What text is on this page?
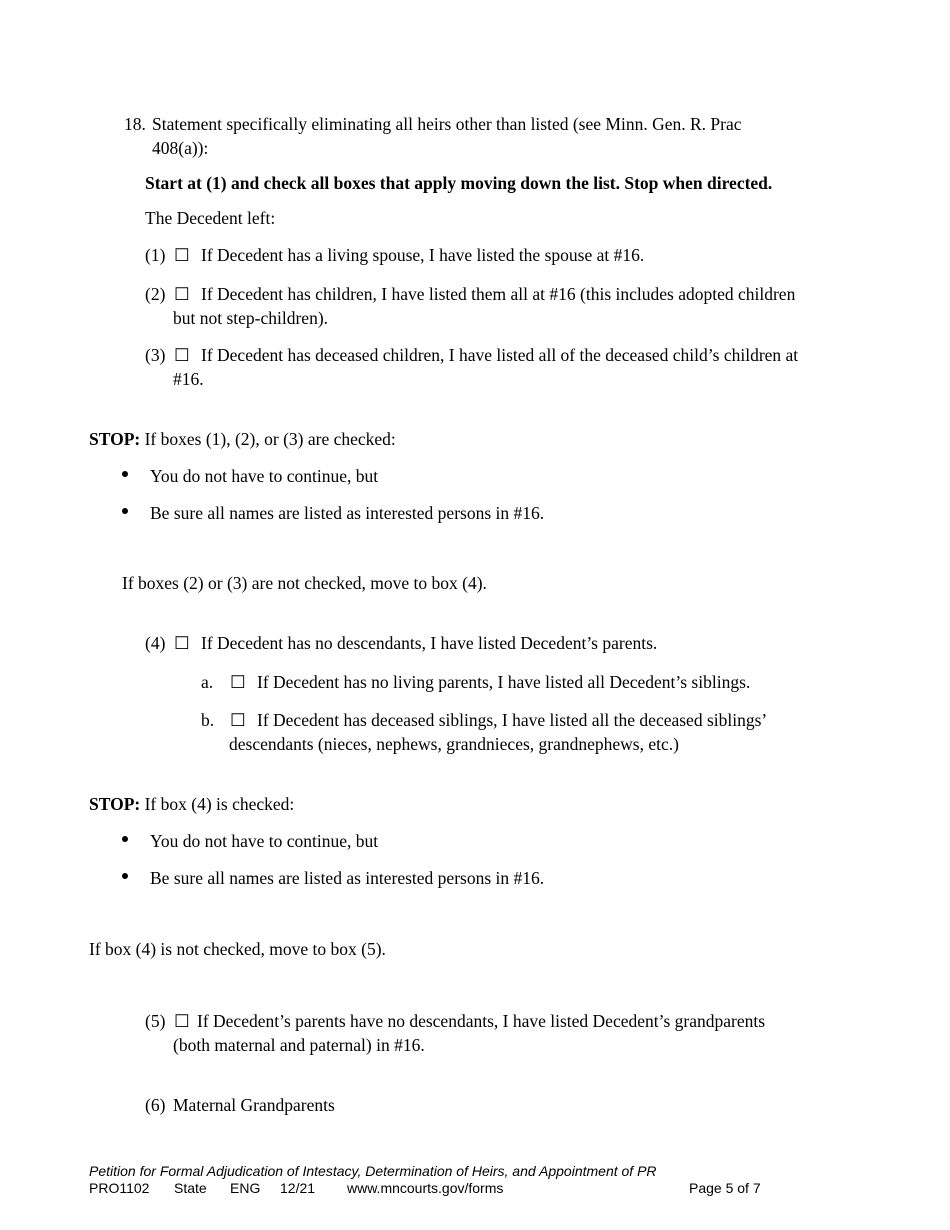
18. Statement specifically eliminating all heirs other than listed (see Minn. Gen. R. Prac
408(a)):
Start at (1) and check all boxes that apply moving down the list. Stop when directed.
The Decedent left:
(1) ☐ If Decedent has a living spouse, I have listed the spouse at #16.
(2) ☐ If Decedent has children, I have listed them all at #16 (this includes adopted children
but not step-children).
(3) ☐ If Decedent has deceased children, I have listed all of the deceased child’s children at
#16.
STOP: If boxes (1), (2), or (3) are checked:
You do not have to continue, but
Be sure all names are listed as interested persons in #16.
If boxes (2) or (3) are not checked, move to box (4).
(4) ☐ If Decedent has no descendants, I have listed Decedent’s parents.
a. ☐ If Decedent has no living parents, I have listed all Decedent’s siblings.
b. ☐ If Decedent has deceased siblings, I have listed all the deceased siblings’
descendants (nieces, nephews, grandnieces, grandnephews, etc.)
STOP: If box (4) is checked:
You do not have to continue, but
Be sure all names are listed as interested persons in #16.
If box (4) is not checked, move to box (5).
(5) ☐ If Decedent’s parents have no descendants, I have listed Decedent’s grandparents
(both maternal and paternal) in #16.
(6) Maternal Grandparents
Petition for Formal Adjudication of Intestacy, Determination of Heirs, and Appointment of PR
PRO1102 State ENG 12/21 www.mncourts.gov/forms	Page 5 of 7
